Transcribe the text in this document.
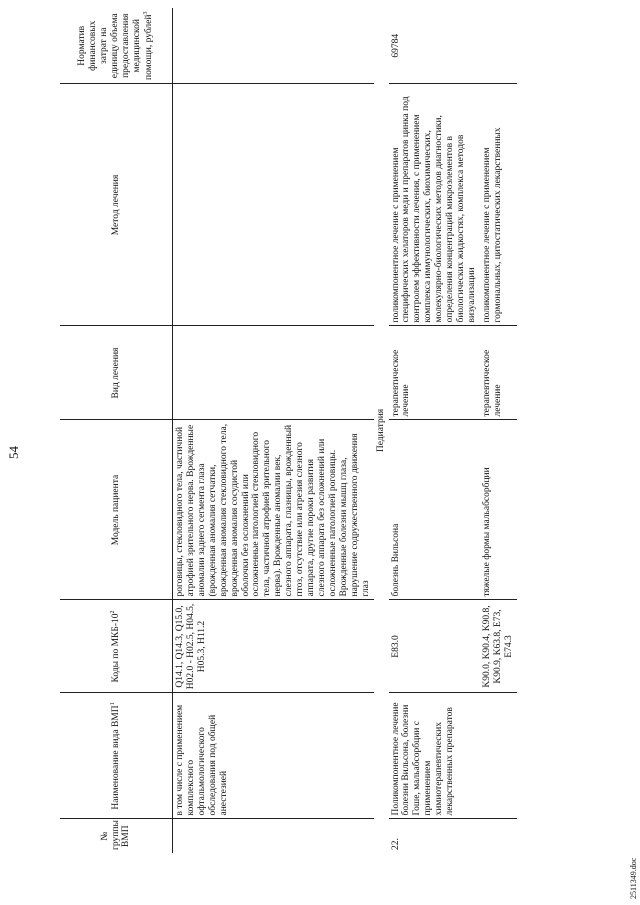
54
№ группы ВМП	Наименование вида ВМП$^1$	Коды по МКБ-$10^2$	Модель пациента	Вид лечения	Метод лечения	Норматив финансовых затрат на единицу объема предоставления медицинской помощи, рублей$^3$
	в том числе с применением комплексного офтальмологического обследования под общей анестезией	Q14.1, Q14.3, Q15.0, H02.0 - H02.5, H04.5, H05.3, H11.2	роговицы, стекловидного тела, частичной атрофией зрительного нерва. Врожденные аномалии заднего сегмента глаза (врожденная аномалия сетчатки, врожденная аномалия стекловидного тела, врожденная аномалия сосудистой оболочки без осложнений или осложненные патологией стекловидного тела, частичной атрофией зрительного нерва). Врожденные аномалии век, слезного аппарата, глазницы, врожденный птоз, отсутствие или атрезия слезного аппарата, другие пороки развития слезного аппарата без осложнений или осложненные патологией роговицы. Врожденные болезни мышц глаза, нарушение содружественного движения глаз			
Педиатрия						
22.	Поликомпонентное лечение болезни Вильсона, болезни Гоше, мальабсорбции с применением химиотерапевтических лекарственных препаратов	E83.0	болезнь Вильсона	терапевтическое лечение	поликомпонентное лечение с применением специфических хелаторов меди и препаратов цинка под контролем эффективности лечения, с применением комплекса иммунологических, биохимических, молекулярно-биологических методов диагностики, определения концентраций микроэлементов в биологических жидкостях, комплекса методов визуализации	69784
		K90.0, K90.4, K90.8, K90.9, K63.8, E73, E74.3	тяжелые формы мальабсорбции	терапевтическое лечение	поликомпонентное лечение с применением гормональных, цитостатических лекарственных	
2511349.doc
